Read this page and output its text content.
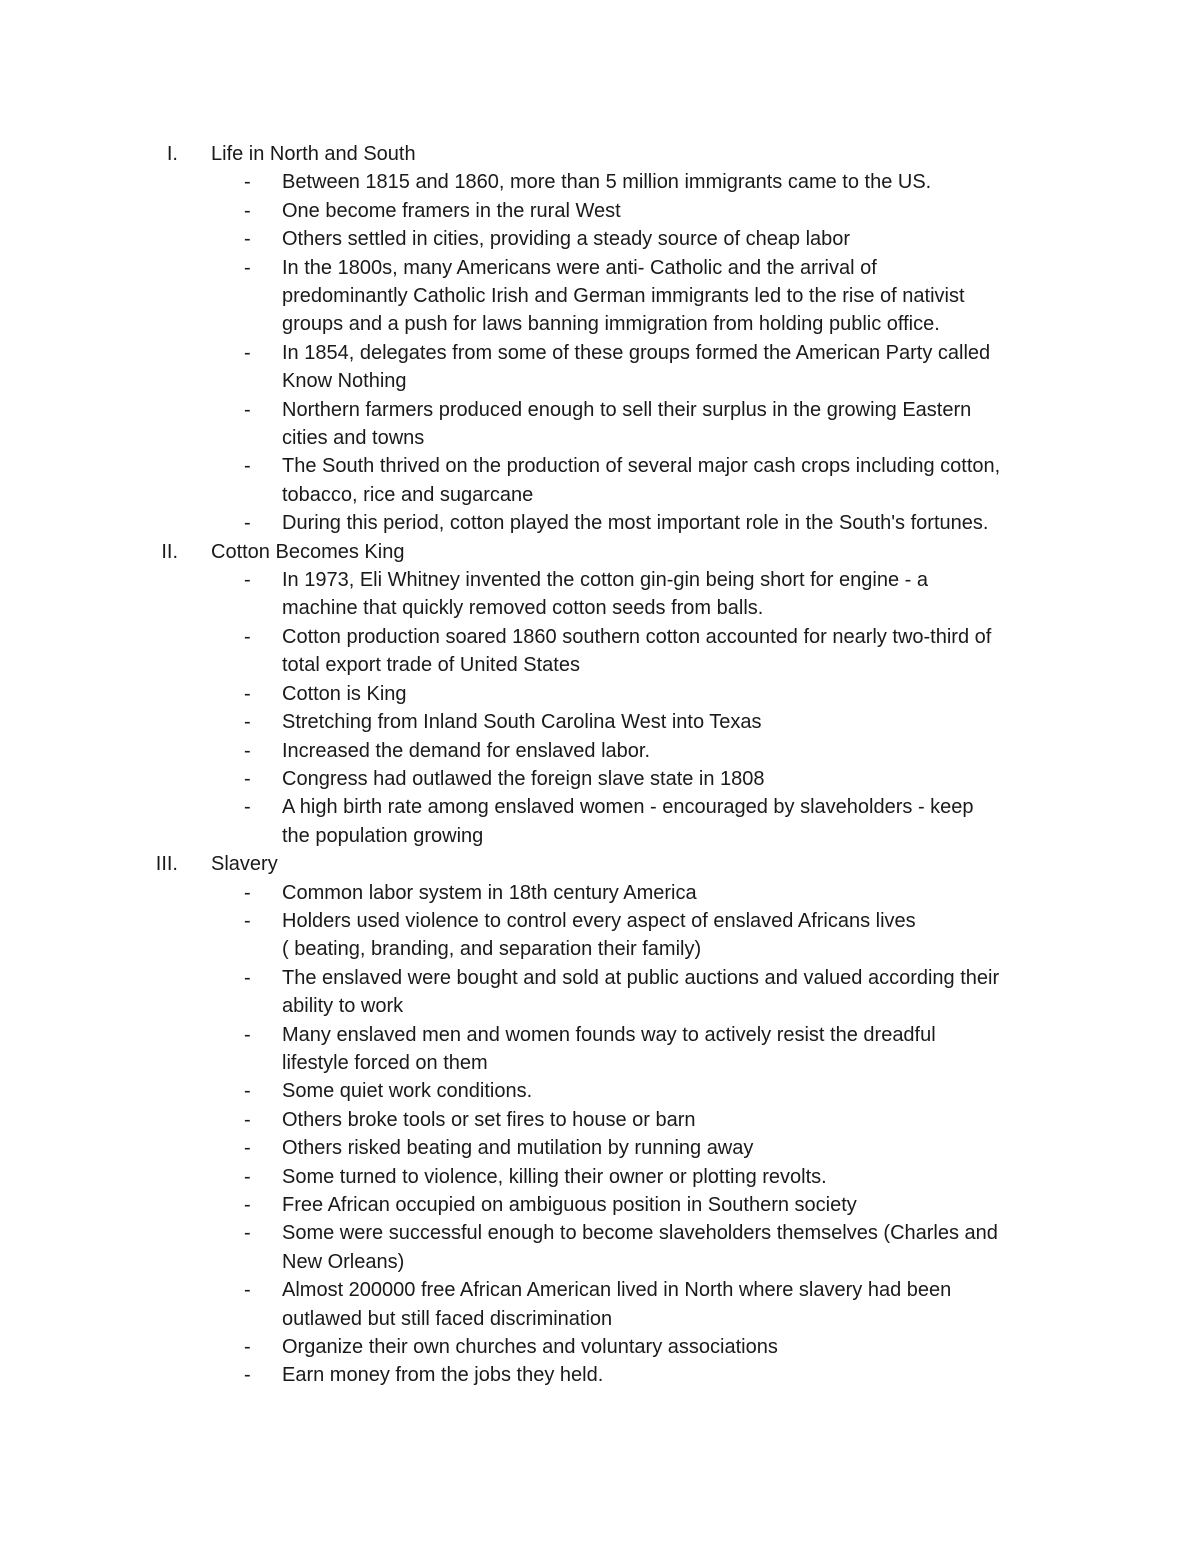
I. Life in North and South
- Between 1815 and 1860, more than 5 million immigrants came to the US.
- One become framers in the rural West
- Others settled in cities, providing a steady source of cheap labor
- In the 1800s, many Americans were anti- Catholic and the arrival of
predominantly Catholic Irish and German immigrants led to the rise of nativist
groups and a push for laws banning immigration from holding public office.
- In 1854, delegates from some of these groups formed the American Party called
Know Nothing
- Northern farmers produced enough to sell their surplus in the growing Eastern
cities and towns
- The South thrived on the production of several major cash crops including cotton,
tobacco, rice and sugarcane
- During this period, cotton played the most important role in the South's fortunes.
II. Cotton Becomes King
- In 1973, Eli Whitney invented the cotton gin-gin being short for engine - a
machine that quickly removed cotton seeds from balls.
- Cotton production soared 1860 southern cotton accounted for nearly two-third of
total export trade of United States
- Cotton is King
- Stretching from Inland South Carolina West into Texas
- Increased the demand for enslaved labor.
- Congress had outlawed the foreign slave state in 1808
- A high birth rate among enslaved women - encouraged by slaveholders - keep
the population growing
III. Slavery
- Common labor system in 18th century America
- Holders used violence to control every aspect of enslaved Africans lives
( beating, branding, and separation their family)
- The enslaved were bought and sold at public auctions and valued according their
ability to work
- Many enslaved men and women founds way to actively resist the dreadful
lifestyle forced on them
- Some quiet work conditions.
- Others broke tools or set fires to house or barn
- Others risked beating and mutilation by running away
- Some turned to violence, killing their owner or plotting revolts.
- Free African occupied on ambiguous position in Southern society
- Some were successful enough to become slaveholders themselves (Charles and
New Orleans)
- Almost 200000 free African American lived in North where slavery had been
outlawed but still faced discrimination
- Organize their own churches and voluntary associations
- Earn money from the jobs they held.
